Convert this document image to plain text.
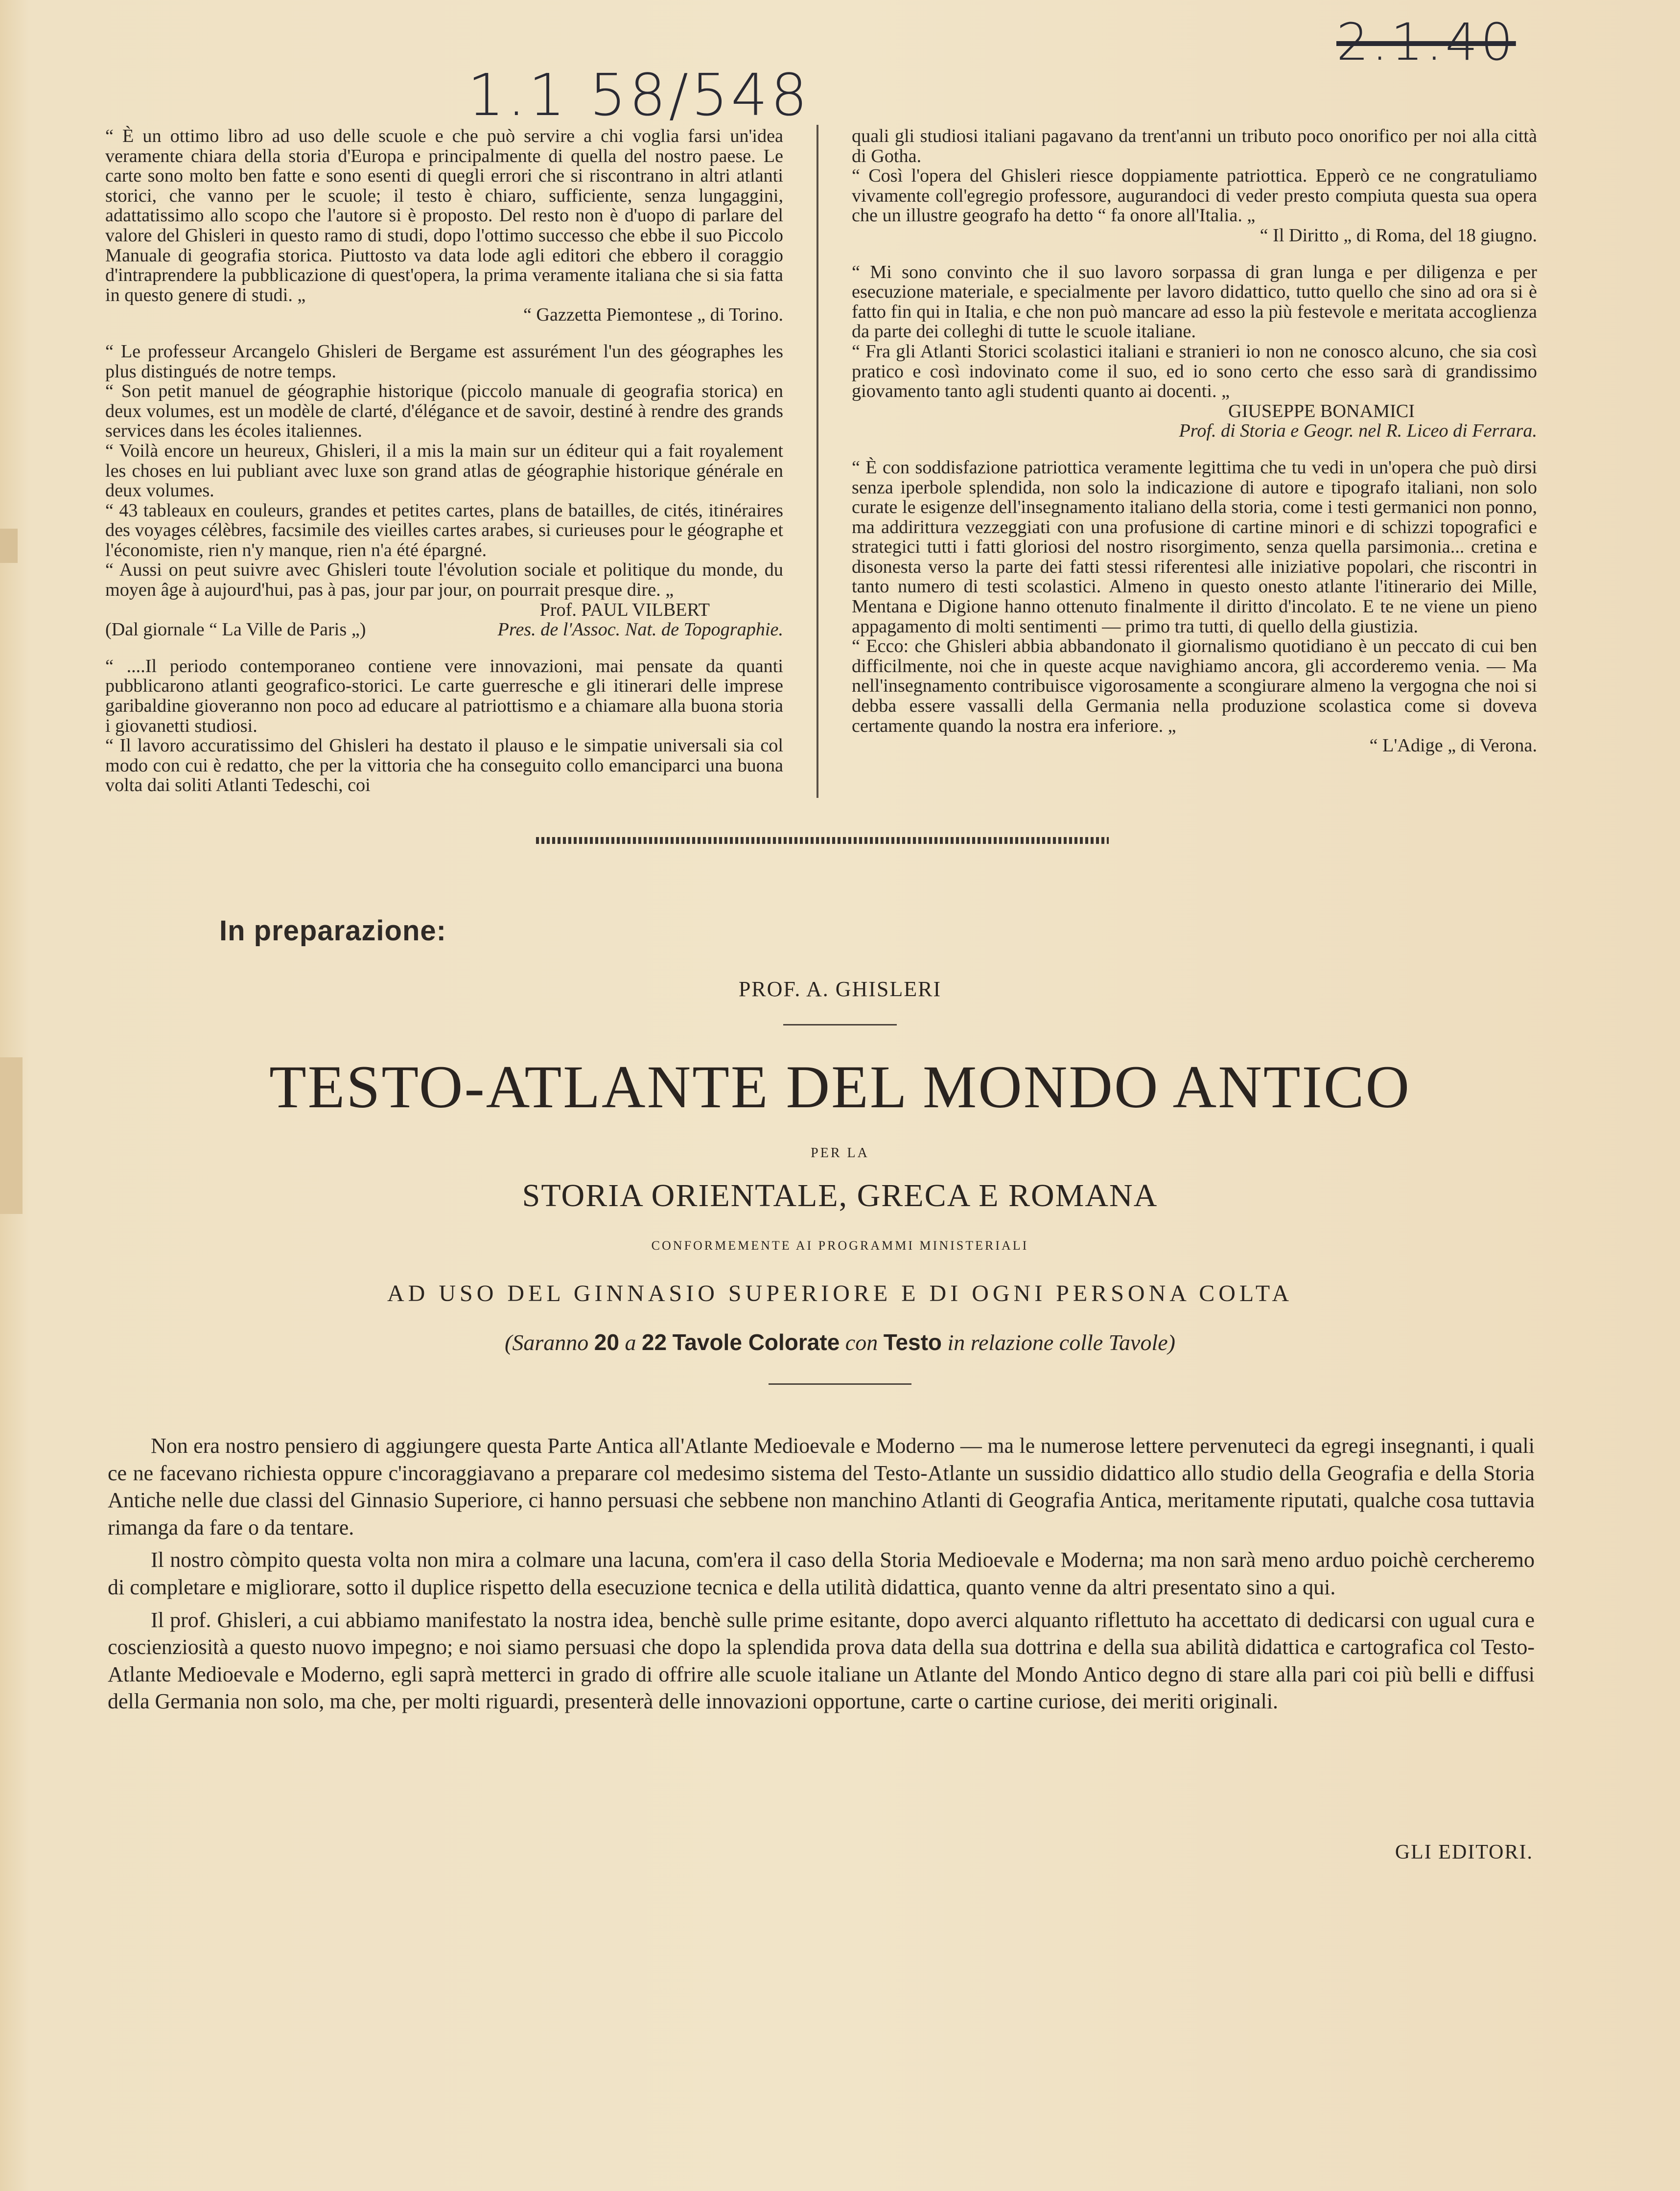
1.1 58/548
2.1.40

“ È un ottimo libro ad uso delle scuole e che può servire a chi voglia farsi un'idea veramente chiara della storia d'Europa e principalmente di quella del nostro paese. Le carte sono molto ben fatte e sono esenti di quegli errori che si riscontrano in altri atlanti storici, che vanno per le scuole; il testo è chiaro, sufficiente, senza lungaggini, adattatissimo allo scopo che l'autore si è proposto. Del resto non è d'uopo di parlare del valore del Ghisleri in questo ramo di studi, dopo l'ottimo successo che ebbe il suo Piccolo Manuale di geografia storica. Piuttosto va data lode agli editori che ebbero il coraggio d'intraprendere la pubblicazione di quest'opera, la prima veramente italiana che si sia fatta in questo genere di studi. „

“ Gazzetta Piemontese „ di Torino.

“ Le professeur Arcangelo Ghisleri de Bergame est assurément l'un des géographes les plus distingués de notre temps.

“ Son petit manuel de géographie historique (piccolo manuale di geografia storica) en deux volumes, est un modèle de clarté, d'élégance et de savoir, destiné à rendre des grands services dans les écoles italiennes.

“ Voilà encore un heureux, Ghisleri, il a mis la main sur un éditeur qui a fait royalement les choses en lui publiant avec luxe son grand atlas de géographie historique générale en deux volumes.

“ 43 tableaux en couleurs, grandes et petites cartes, plans de batailles, de cités, itinéraires des voyages célèbres, facsimile des vieilles cartes arabes, si curieuses pour le géographe et l'économiste, rien n'y manque, rien n'a été épargné.

“ Aussi on peut suivre avec Ghisleri toute l'évolution sociale et politique du monde, du moyen âge à aujourd'hui, pas à pas, jour par jour, on pourrait presque dire. „

Prof. PAUL VILBERT

(Dal giornale “ La Ville de Paris „)	Pres. de l'Assoc. Nat. de Topographie.

“ ....Il periodo contemporaneo contiene vere innovazioni, mai pensate da quanti pubblicarono atlanti geografico-storici. Le carte guerresche e gli itinerari delle imprese garibaldine gioveranno non poco ad educare al patriottismo e a chiamare alla buona storia i giovanetti studiosi.

“ Il lavoro accuratissimo del Ghisleri ha destato il plauso e le simpatie universali sia col modo con cui è redatto, che per la vittoria che ha conseguito collo emanciparci una buona volta dai soliti Atlanti Tedeschi, coi

quali gli studiosi italiani pagavano da trent'anni un tributo poco onorifico per noi alla città di Gotha.

“ Così l'opera del Ghisleri riesce doppiamente patriottica. Epperò ce ne congratuliamo vivamente coll'egregio professore, augurandoci di veder presto compiuta questa sua opera che un illustre geografo ha detto “ fa onore all'Italia. „

“ Il Diritto „ di Roma, del 18 giugno.

“ Mi sono convinto che il suo lavoro sorpassa di gran lunga e per diligenza e per esecuzione materiale, e specialmente per lavoro didattico, tutto quello che sino ad ora si è fatto fin qui in Italia, e che non può mancare ad esso la più festevole e meritata accoglienza da parte dei colleghi di tutte le scuole italiane.

“ Fra gli Atlanti Storici scolastici italiani e stranieri io non ne conosco alcuno, che sia così pratico e così indovinato come il suo, ed io sono certo che esso sarà di grandissimo giovamento tanto agli studenti quanto ai docenti. „

GIUSEPPE BONAMICI

Prof. di Storia e Geogr. nel R. Liceo di Ferrara.

“ È con soddisfazione patriottica veramente legittima che tu vedi in un'opera che può dirsi senza iperbole splendida, non solo la indicazione di autore e tipografo italiani, non solo curate le esigenze dell'insegnamento italiano della storia, come i testi germanici non ponno, ma addirittura vezzeggiati con una profusione di cartine minori e di schizzi topografici e strategici tutti i fatti gloriosi del nostro risorgimento, senza quella parsimonia... cretina e disonesta verso la parte dei fatti stessi riferentesi alle iniziative popolari, che riscontri in tanto numero di testi scolastici. Almeno in questo onesto atlante l'itinerario dei Mille, Mentana e Digione hanno ottenuto finalmente il diritto d'incolato. E te ne viene un pieno appagamento di molti sentimenti — primo tra tutti, di quello della giustizia.

“ Ecco: che Ghisleri abbia abbandonato il giornalismo quotidiano è un peccato di cui ben difficilmente, noi che in queste acque navighiamo ancora, gli accorderemo venia. — Ma nell'insegnamento contribuisce vigorosamente a scongiurare almeno la vergogna che noi si debba essere vassalli della Germania nella produzione scolastica come si doveva certamente quando la nostra era inferiore. „

“ L'Adige „ di Verona.

In preparazione:
PROF. A. GHISLERI
TESTO-ATLANTE DEL MONDO ANTICO
PER LA
STORIA ORIENTALE, GRECA E ROMANA
CONFORMEMENTE AI PROGRAMMI MINISTERIALI
AD USO DEL GINNASIO SUPERIORE E DI OGNI PERSONA COLTA
(Saranno 20 a 22 Tavole Colorate con Testo in relazione colle Tavole)

Non era nostro pensiero di aggiungere questa Parte Antica all'Atlante Medioevale e Moderno — ma le numerose lettere pervenuteci da egregi insegnanti, i quali ce ne facevano richiesta oppure c'incoraggiavano a preparare col medesimo sistema del Testo-Atlante un sussidio didattico allo studio della Geografia e della Storia Antiche nelle due classi del Ginnasio Superiore, ci hanno persuasi che sebbene non manchino Atlanti di Geografia Antica, meritamente riputati, qualche cosa tuttavia rimanga da fare o da tentare.

Il nostro còmpito questa volta non mira a colmare una lacuna, com'era il caso della Storia Medioevale e Moderna; ma non sarà meno arduo poichè cercheremo di completare e migliorare, sotto il duplice rispetto della esecuzione tecnica e della utilità didattica, quanto venne da altri presentato sino a qui.

Il prof. Ghisleri, a cui abbiamo manifestato la nostra idea, benchè sulle prime esitante, dopo averci alquanto riflettuto ha accettato di dedicarsi con ugual cura e coscienziosità a questo nuovo impegno; e noi siamo persuasi che dopo la splendida prova data della sua dottrina e della sua abilità didattica e cartografica col Testo-Atlante Medioevale e Moderno, egli saprà metterci in grado di offrire alle scuole italiane un Atlante del Mondo Antico degno di stare alla pari coi più belli e diffusi della Germania non solo, ma che, per molti riguardi, presenterà delle innovazioni opportune, carte o cartine curiose, dei meriti originali.

GLI EDITORI.
